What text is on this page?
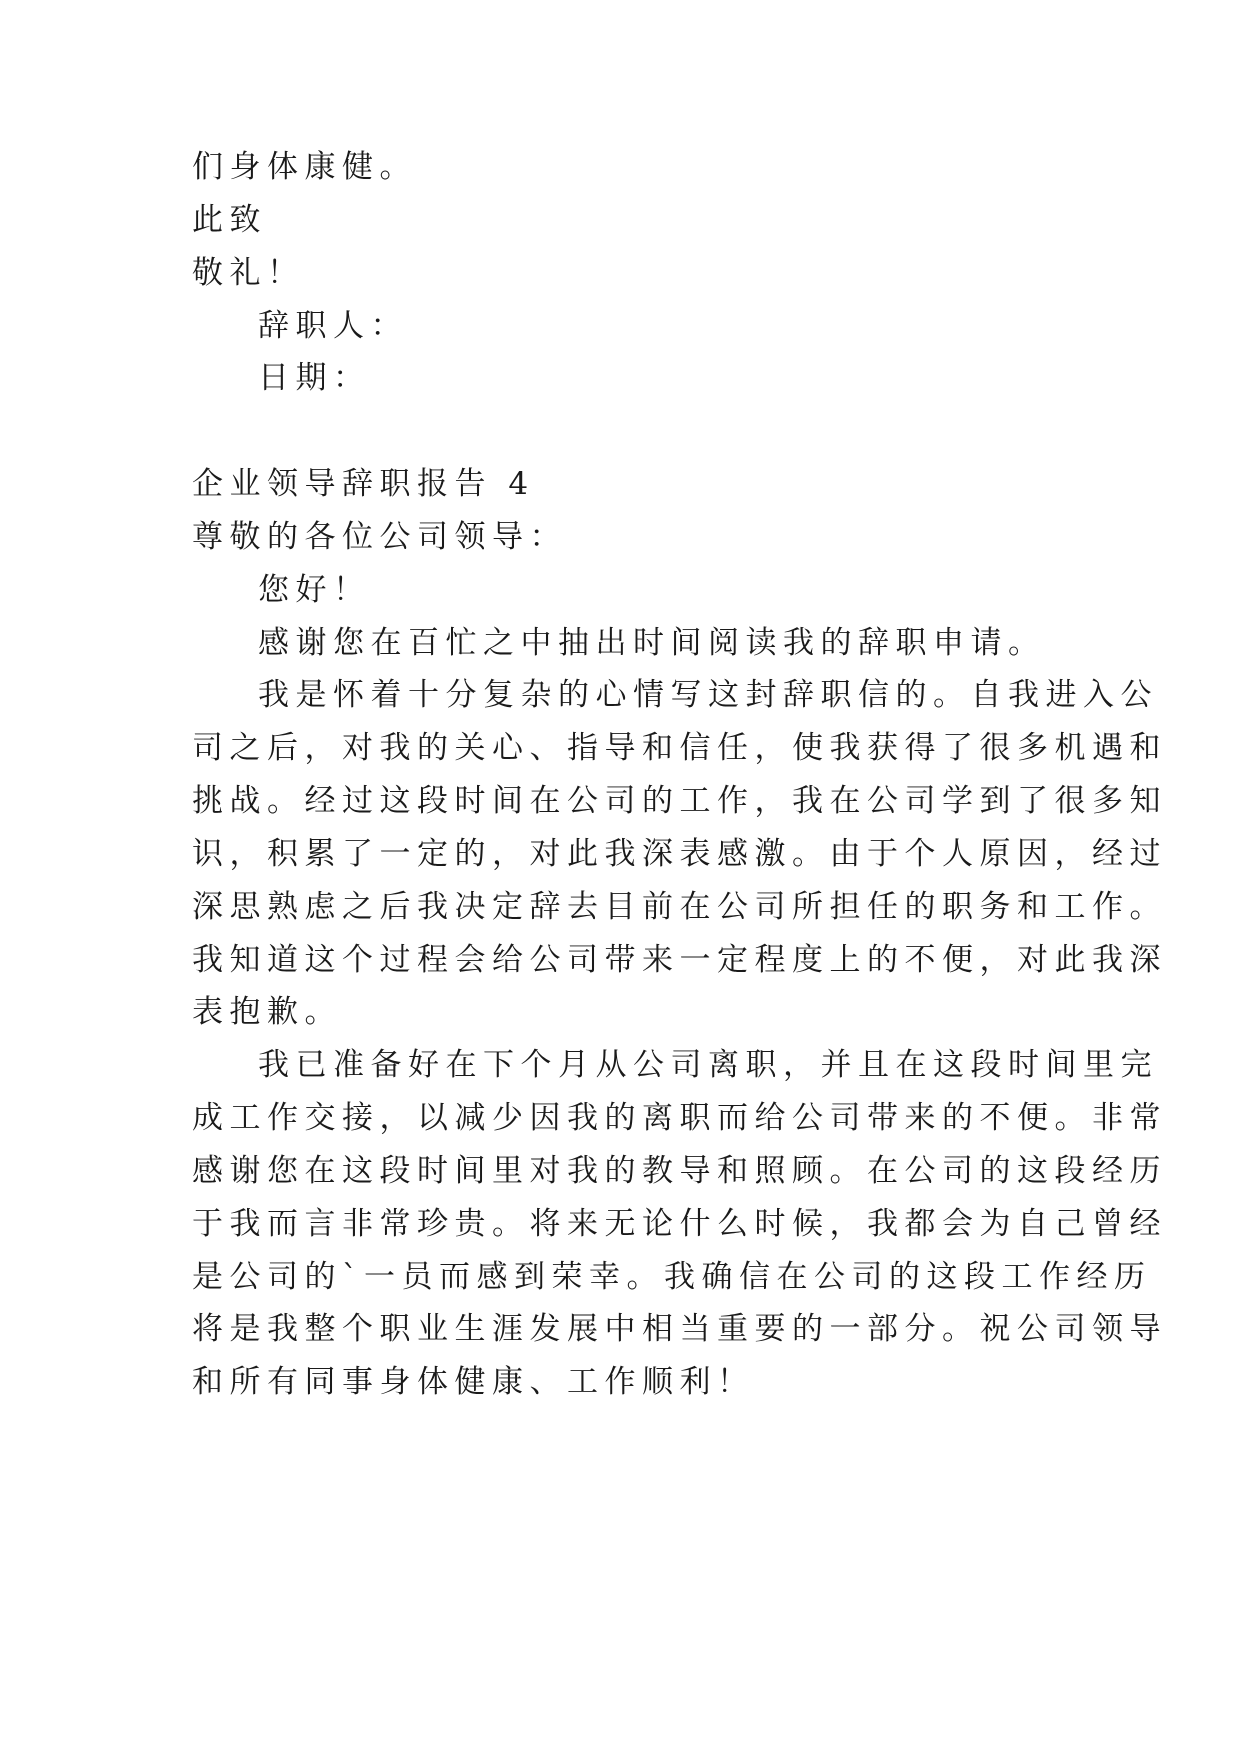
们身体康健。
此致
敬礼！
辞职人：
日期：
企业领导辞职报告 4
尊敬的各位公司领导：
您好！
感谢您在百忙之中抽出时间阅读我的辞职申请。
我是怀着十分复杂的心情写这封辞职信的。自我进入公
司之后，对我的关心、指导和信任，使我获得了很多机遇和
挑战。经过这段时间在公司的工作，我在公司学到了很多知
识，积累了一定的，对此我深表感激。由于个人原因，经过
深思熟虑之后我决定辞去目前在公司所担任的职务和工作。
我知道这个过程会给公司带来一定程度上的不便，对此我深
表抱歉。
我已准备好在下个月从公司离职，并且在这段时间里完
成工作交接，以减少因我的离职而给公司带来的不便。非常
感谢您在这段时间里对我的教导和照顾。在公司的这段经历
于我而言非常珍贵。将来无论什么时候，我都会为自己曾经
是公司的`一员而感到荣幸。我确信在公司的这段工作经历
将是我整个职业生涯发展中相当重要的一部分。祝公司领导
和所有同事身体健康、工作顺利！
